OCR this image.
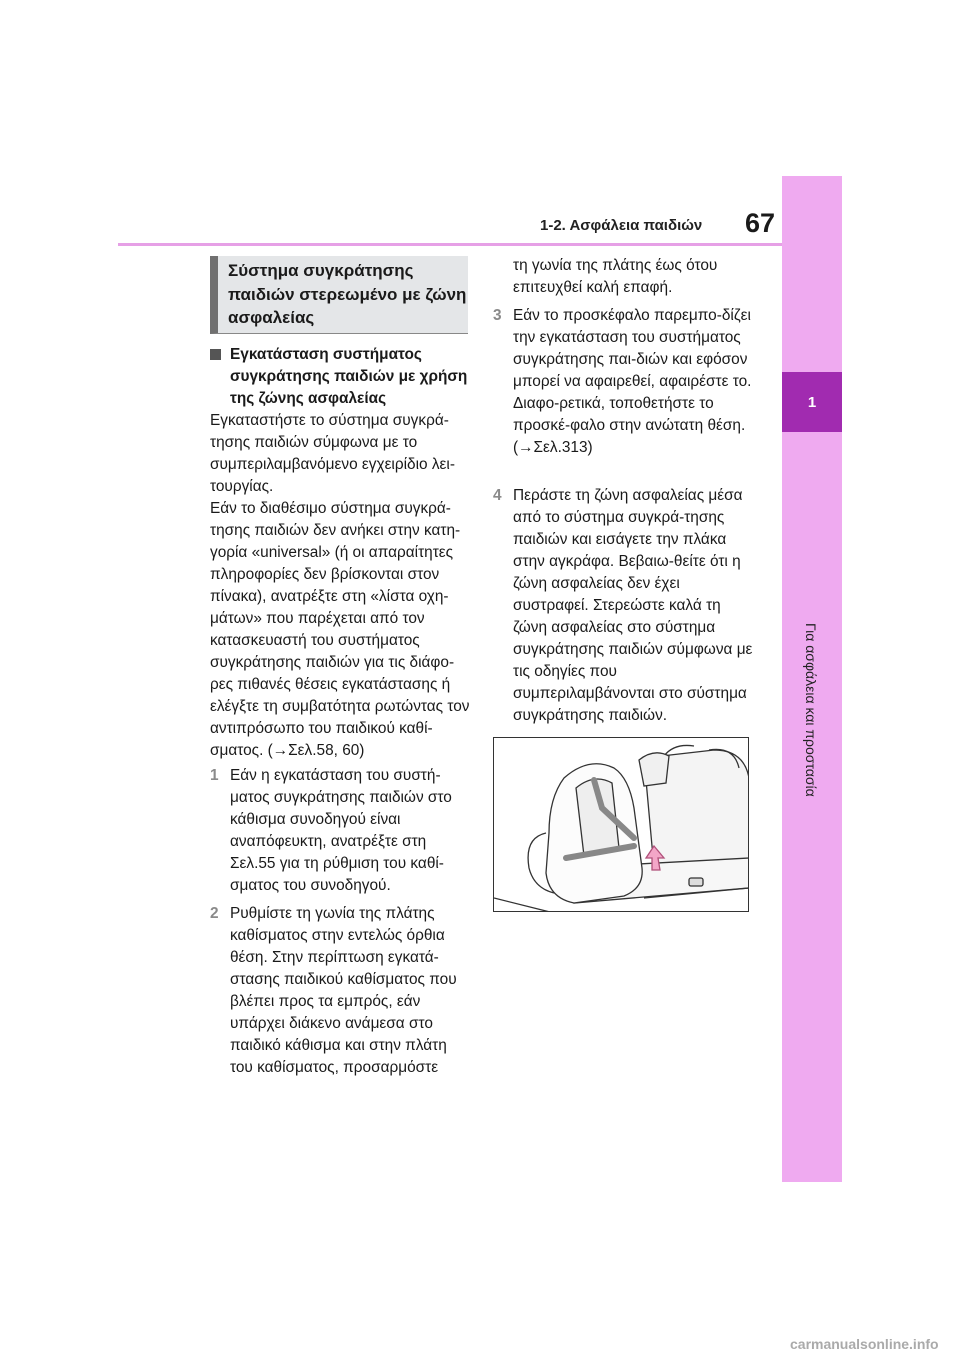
1-2. Ασφάλεια παιδιών 67
1
Για ασφάλεια και προστασία
Σύστημα συγκράτησης παιδιών στερεωμένο με ζώνη ασφαλείας
Εγκατάσταση συστήματος συγκράτησης παιδιών με χρήση της ζώνης ασφαλείας

Εγκαταστήστε το σύστημα συγκρά-τησης παιδιών σύμφωνα με το συμπεριλαμβανόμενο εγχειρίδιο λει-τουργίας.

Εάν το διαθέσιμο σύστημα συγκρά-τησης παιδιών δεν ανήκει στην κατη-γορία «universal» (ή οι απαραίτητες πληροφορίες δεν βρίσκονται στον πίνακα), ανατρέξτε στη «λίστα οχη-μάτων» που παρέχεται από τον κατασκευαστή του συστήματος συγκράτησης παιδιών για τις διάφο-ρες πιθανές θέσεις εγκατάστασης ή ελέγξτε τη συμβατότητα ρωτώντας τον αντιπρόσωπο του παιδικού καθί-σματος. (→Σελ.58, 60)

1 Εάν η εγκατάσταση του συστή-ματος συγκράτησης παιδιών στο κάθισμα συνοδηγού είναι αναπόφευκτη, ανατρέξτε στη Σελ.55 για τη ρύθμιση του καθί-σματος του συνοδηγού.
2 Ρυθμίστε τη γωνία της πλάτης καθίσματος στην εντελώς όρθια θέση. Στην περίπτωση εγκατά-στασης παιδικού καθίσματος που βλέπει προς τα εμπρός, εάν υπάρχει διάκενο ανάμεσα στο παιδικό κάθισμα και στην πλάτη του καθίσματος, προσαρμόστε
τη γωνία της πλάτης έως ότου επιτευχθεί καλή επαφή.
3 Εάν το προσκέφαλο παρεμπο-δίζει την εγκατάσταση του συστήματος συγκράτησης παι-διών και εφόσον μπορεί να αφαιρεθεί, αφαιρέστε το. Διαφο-ρετικά, τοποθετήστε το προσκέ-φαλο στην ανώτατη θέση. (→Σελ.313)
4 Περάστε τη ζώνη ασφαλείας μέσα από το σύστημα συγκρά-τησης παιδιών και εισάγετε την πλάκα στην αγκράφα. Βεβαιω-θείτε ότι η ζώνη ασφαλείας δεν έχει συστραφεί. Στερεώστε καλά τη ζώνη ασφαλείας στο σύστημα συγκράτησης παιδιών σύμφωνα με τις οδηγίες που συμπεριλαμβάνονται στο σύστημα συγκράτησης παιδιών.
carmanualsonline.info
